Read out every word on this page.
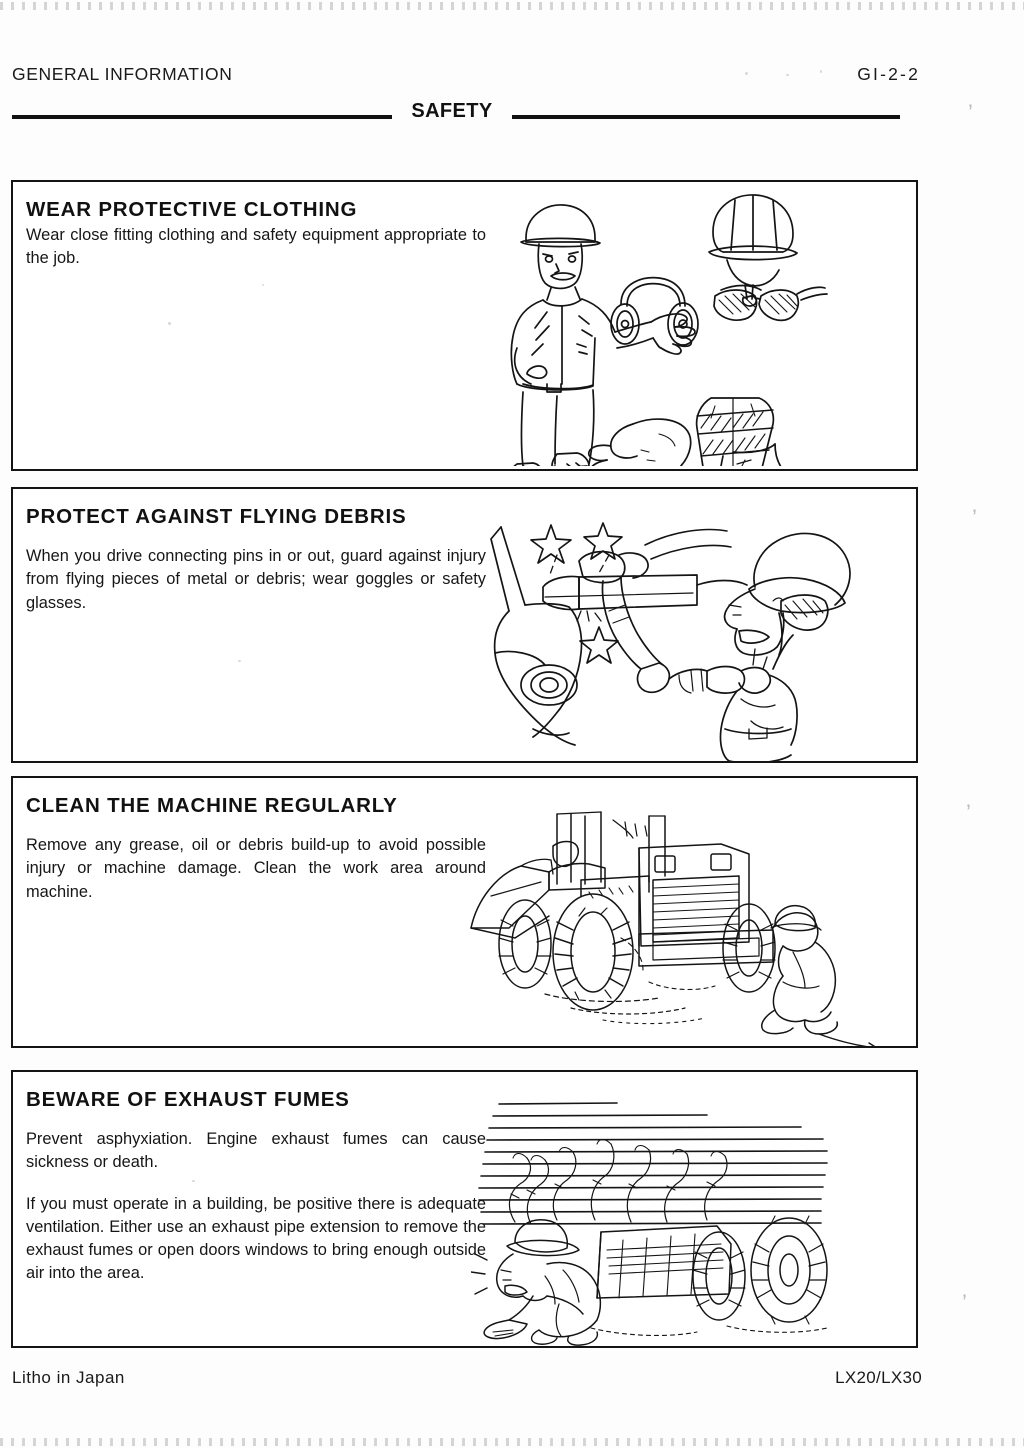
GENERAL INFORMATION	GI-2-2
SAFETY
WEAR PROTECTIVE CLOTHING

Wear close fitting clothing and safety equipment appropriate to the job.

PROTECT AGAINST FLYING DEBRIS

When you drive connecting pins in or out, guard against injury from flying pieces of metal or debris; wear goggles or safety glasses.

CLEAN THE MACHINE REGULARLY

Remove any grease, oil or debris build-up to avoid possible injury or machine damage. Clean the work area around machine.

BEWARE OF EXHAUST FUMES

Prevent asphyxiation. Engine exhaust fumes can cause sickness or death.

If you must operate in a building, be positive there is adequate ventilation. Either use an exhaust pipe extension to remove the exhaust fumes or open doors windows to bring enough outside air into the area.

Litho in Japan	LX20/LX30
’
’
’
’
